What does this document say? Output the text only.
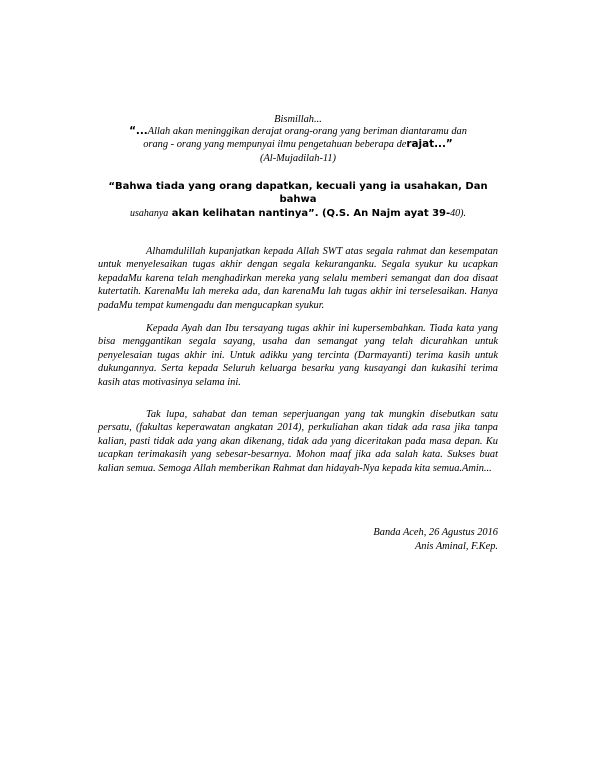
Bismillah...
“...Allah akan meninggikan derajat orang-orang yang beriman diantaramu dan
orang - orang yang mempunyai ilmu pengetahuan beberapa derajat...”
(Al-Mujadilah-11)
“Bahwa tiada yang orang dapatkan, kecuali yang ia usahakan, Dan bahwa
usahanya akan kelihatan nantinya”. (Q.S. An Najm ayat 39-40).
Alhamdulillah kupanjatkan kepada Allah SWT atas segala rahmat dan kesempatan untuk menyelesaikan tugas akhir dengan segala kekuranganku. Segala syukur ku ucapkan kepadaMu karena telah menghadirkan mereka yang selalu memberi semangat dan doa disaat kutertatih. KarenaMu lah mereka ada, dan karenaMu lah tugas akhir ini terselesaikan. Hanya padaMu tempat kumengadu dan mengucapkan syukur.
Kepada Ayah dan Ibu tersayang tugas akhir ini kupersembahkan. Tiada kata yang bisa menggantikan segala sayang, usaha dan semangat yang telah dicurahkan untuk penyelesaian tugas akhir ini. Untuk adikku yang tercinta (Darmayanti) terima kasih untuk dukungannya. Serta kepada Seluruh keluarga besarku yang kusayangi dan kukasihi terima kasih atas motivasinya selama ini.
Tak lupa, sahabat dan teman seperjuangan yang tak mungkin disebutkan satu persatu, (fakultas keperawatan angkatan 2014), perkuliahan akan tidak ada rasa jika tanpa kalian, pasti tidak ada yang akan dikenang, tidak ada yang diceritakan pada masa depan. Ku ucapkan terimakasih yang sebesar-besarnya. Mohon maaf jika ada salah kata. Sukses buat kalian semua. Semoga Allah memberikan Rahmat dan hidayah-Nya kepada kita semua.Amin...
Banda Aceh, 26 Agustus 2016
Anis Aminal, F.Kep.
